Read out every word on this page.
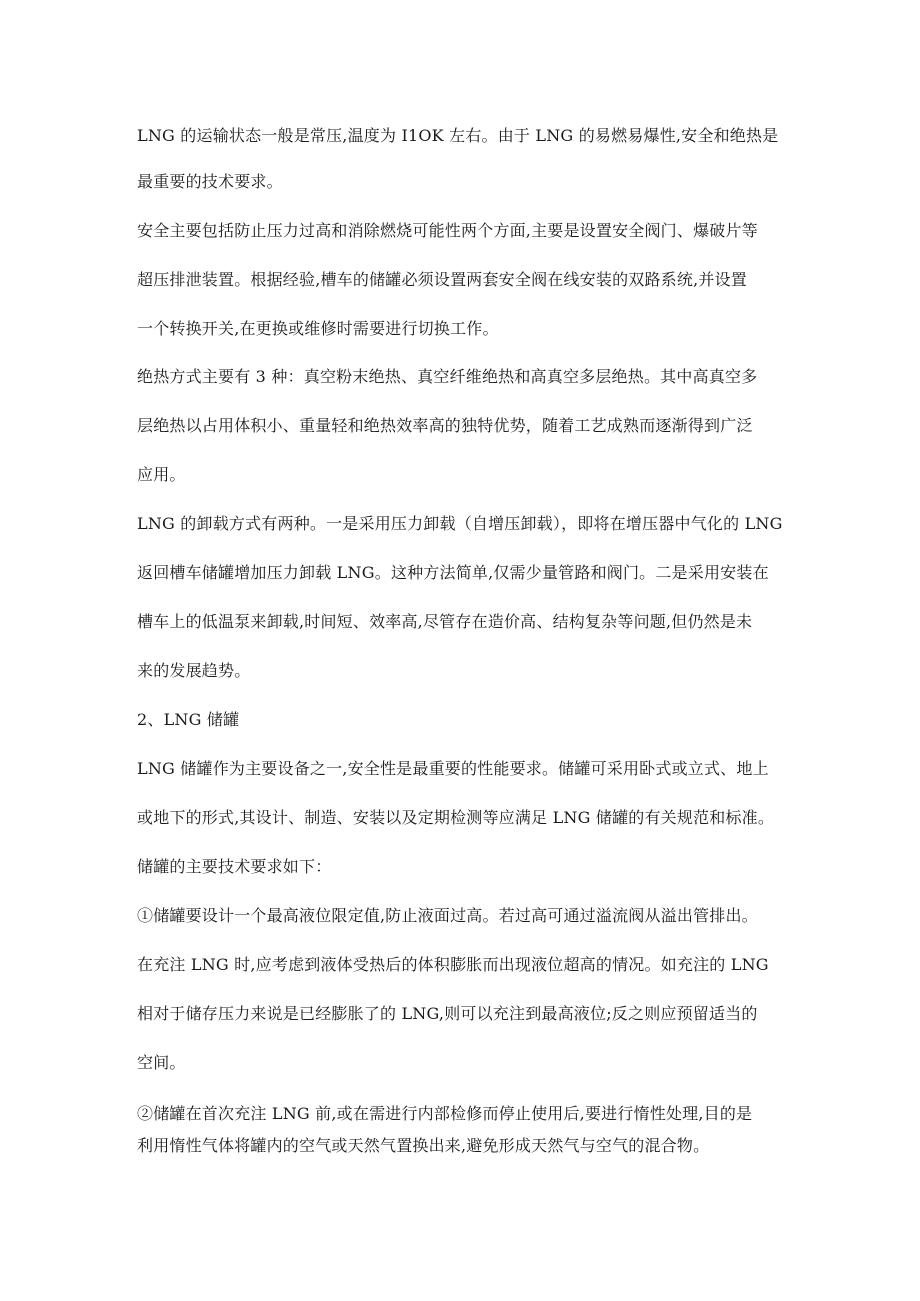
LNG 的运输状态一般是常压,温度为 I1OK 左右。由于 LNG 的易燃易爆性,安全和绝热是
最重要的技术要求。
安全主要包括防止压力过高和消除燃烧可能性两个方面,主要是设置安全阀门、爆破片等
超压排泄装置。根据经验,槽车的储罐必须设置两套安全阀在线安装的双路系统,并设置
一个转换开关,在更换或维修时需要进行切换工作。
绝热方式主要有 3 种：真空粉末绝热、真空纤维绝热和高真空多层绝热。其中高真空多
层绝热以占用体积小、重量轻和绝热效率高的独特优势，随着工艺成熟而逐渐得到广泛
应用。
LNG 的卸载方式有两种。一是采用压力卸载（自增压卸载），即将在增压器中气化的 LNG
返回槽车储罐增加压力卸载 LNG。这种方法简单,仅需少量管路和阀门。二是采用安装在
槽车上的低温泵来卸载,时间短、效率高,尽管存在造价高、结构复杂等问题,但仍然是未
来的发展趋势。
2、LNG 储罐
LNG 储罐作为主要设备之一,安全性是最重要的性能要求。储罐可采用卧式或立式、地上
或地下的形式,其设计、制造、安装以及定期检测等应满足 LNG 储罐的有关规范和标准。
储罐的主要技术要求如下：
①储罐要设计一个最高液位限定值,防止液面过高。若过高可通过溢流阀从溢出管排出。
在充注 LNG 时,应考虑到液体受热后的体积膨胀而出现液位超高的情况。如充注的 LNG
相对于储存压力来说是已经膨胀了的 LNG,则可以充注到最高液位;反之则应预留适当的
空间。
②储罐在首次充注 LNG 前,或在需进行内部检修而停止使用后,要进行惰性处理,目的是
利用惰性气体将罐内的空气或天然气置换出来,避免形成天然气与空气的混合物。
